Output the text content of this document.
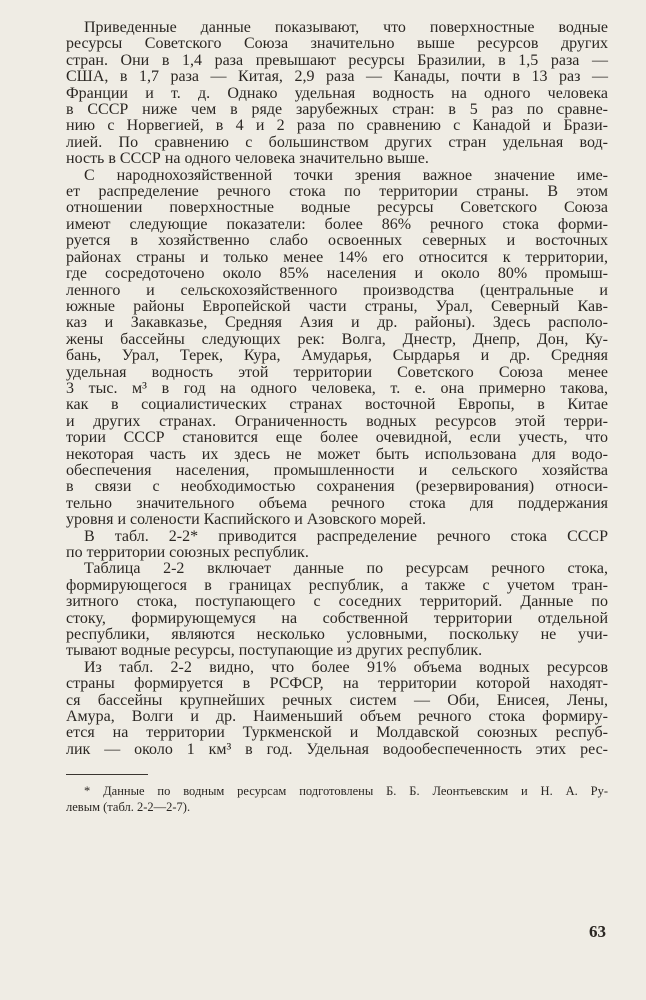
Приведенные данные показывают, что поверхностные водные
ресурсы Советского Союза значительно выше ресурсов других
стран. Они в 1,4 раза превышают ресурсы Бразилии, в 1,5 раза —
США, в 1,7 раза — Китая, 2,9 раза — Канады, почти в 13 раз —
Франции и т. д. Однако удельная водность на одного человека
в СССР ниже чем в ряде зарубежных стран: в 5 раз по сравне-
нию с Норвегией, в 4 и 2 раза по сравнению с Канадой и Брази-
лией. По сравнению с большинством других стран удельная вод-
ность в СССР на одного человека значительно выше.

С народнохозяйственной точки зрения важное значение име-
ет распределение речного стока по территории страны. В этом
отношении поверхностные водные ресурсы Советского Союза
имеют следующие показатели: более 86% речного стока форми-
руется в хозяйственно слабо освоенных северных и восточных
районах страны и только менее 14% его относится к территории,
где сосредоточено около 85% населения и около 80% промыш-
ленного и сельскохозяйственного производства (центральные и
южные районы Европейской части страны, Урал, Северный Кав-
каз и Закавказье, Средняя Азия и др. районы). Здесь располо-
жены бассейны следующих рек: Волга, Днестр, Днепр, Дон, Ку-
бань, Урал, Терек, Кура, Амударья, Сырдарья и др. Средняя
удельная водность этой территории Советского Союза менее
3 тыс. м³ в год на одного человека, т. е. она примерно такова,
как в социалистических странах восточной Европы, в Китае
и других странах. Ограниченность водных ресурсов этой терри-
тории СССР становится еще более очевидной, если учесть, что
некоторая часть их здесь не может быть использована для водо-
обеспечения населения, промышленности и сельского хозяйства
в связи с необходимостью сохранения (резервирования) относи-
тельно значительного объема речного стока для поддержания
уровня и солености Каспийского и Азовского морей.

В табл. 2-2* приводится распределение речного стока СССР
по территории союзных республик.

Таблица 2-2 включает данные по ресурсам речного стока,
формирующегося в границах республик, а также с учетом тран-
зитного стока, поступающего с соседних территорий. Данные по
стоку, формирующемуся на собственной территории отдельной
республики, являются несколько условными, поскольку не учи-
тывают водные ресурсы, поступающие из других республик.

Из табл. 2-2 видно, что более 91% объема водных ресурсов
страны формируется в РСФСР, на территории которой находят-
ся бассейны крупнейших речных систем — Оби, Енисея, Лены,
Амура, Волги и др. Наименьший объем речного стока формиру-
ется на территории Туркменской и Молдавской союзных респуб-
лик — около 1 км³ в год. Удельная водообеспеченность этих рес-

* Данные по водным ресурсам подготовлены Б. Б. Леонтьевским и Н. А. Ру-
левым (табл. 2-2—2-7).
63
